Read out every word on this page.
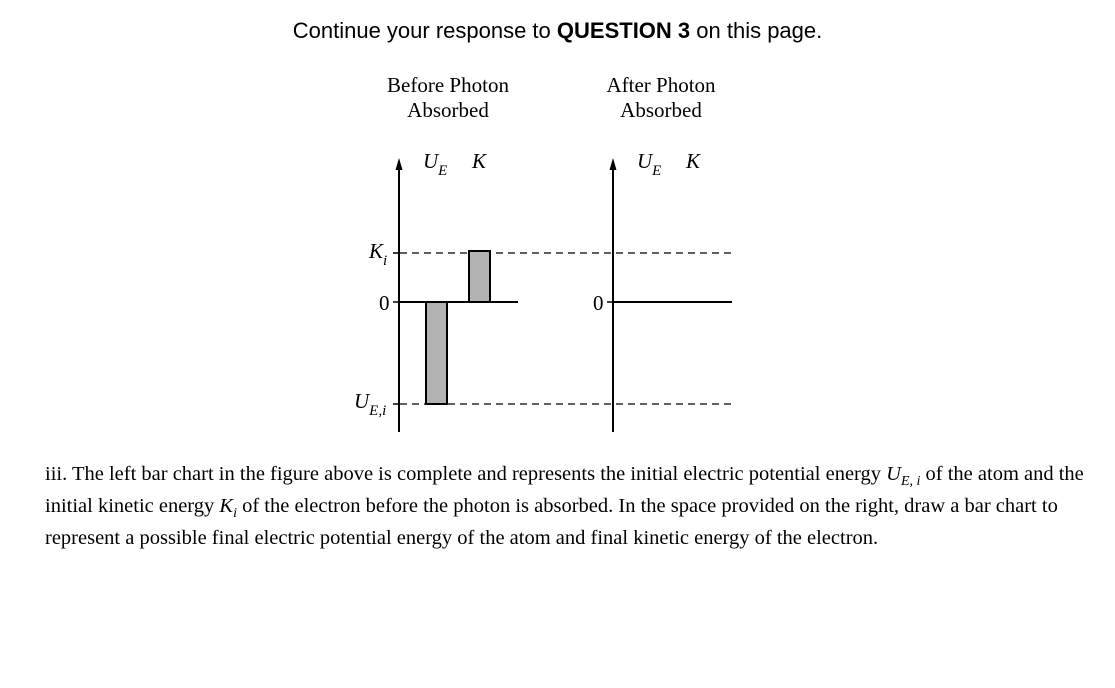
Continue your response to QUESTION 3 on this page.
Before Photon
Absorbed
After Photon
Absorbed
$U_E$ K
$K_i$
0
$U_{E,i}$
$U_E$ K
0
iii. The left bar chart in the figure above is complete and represents the initial electric potential energy $U_{E, i}$ of the atom and the initial kinetic energy $K_i$ of the electron before the photon is absorbed. In the space provided on the right, draw a bar chart to represent a possible final electric potential energy of the atom and final kinetic energy of the electron.
